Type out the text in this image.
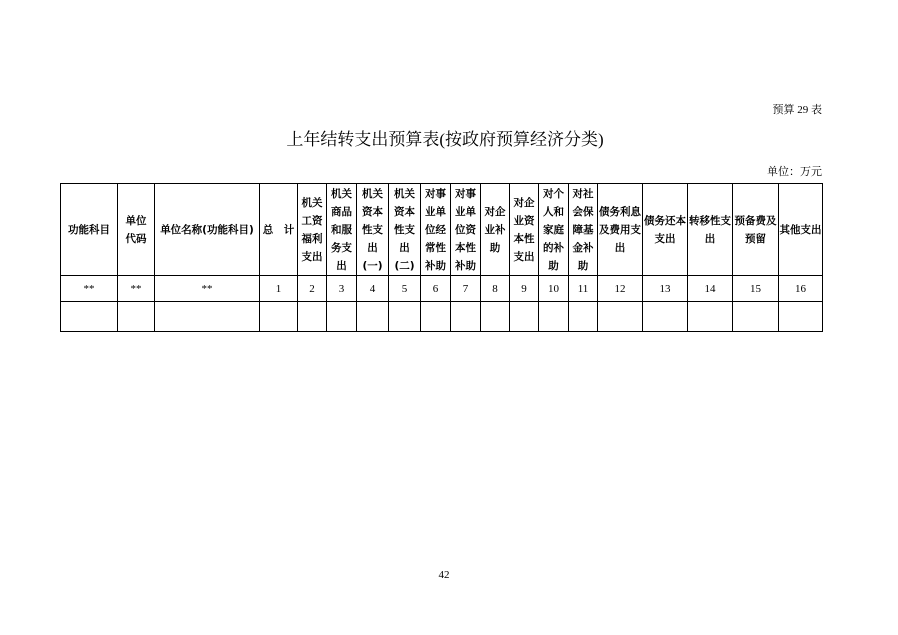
预算 29 表
上年结转支出预算表(按政府预算经济分类)
单位：万元
功能科目	单位
代码	单位名称(功能科目)	总　计	机关
工资
福利
支出	机关
商品
和服
务支
出	机关
资本
性支
出
(一)	机关
资本
性支
出
(二)	对事
业单
位经
常性
补助	对事
业单
位资
本性
补助	对企
业补
助	对企
业资
本性
支出	对个
人和
家庭
的补
助	对社
会保
障基
金补
助	债务利息
及费用支
出	债务还本
支出	转移性支
出	预备费及
预留	其他支出
**	**	**	1	2	3	4	5	6	7	8	9	10	11	12	13	14	15	16

42
